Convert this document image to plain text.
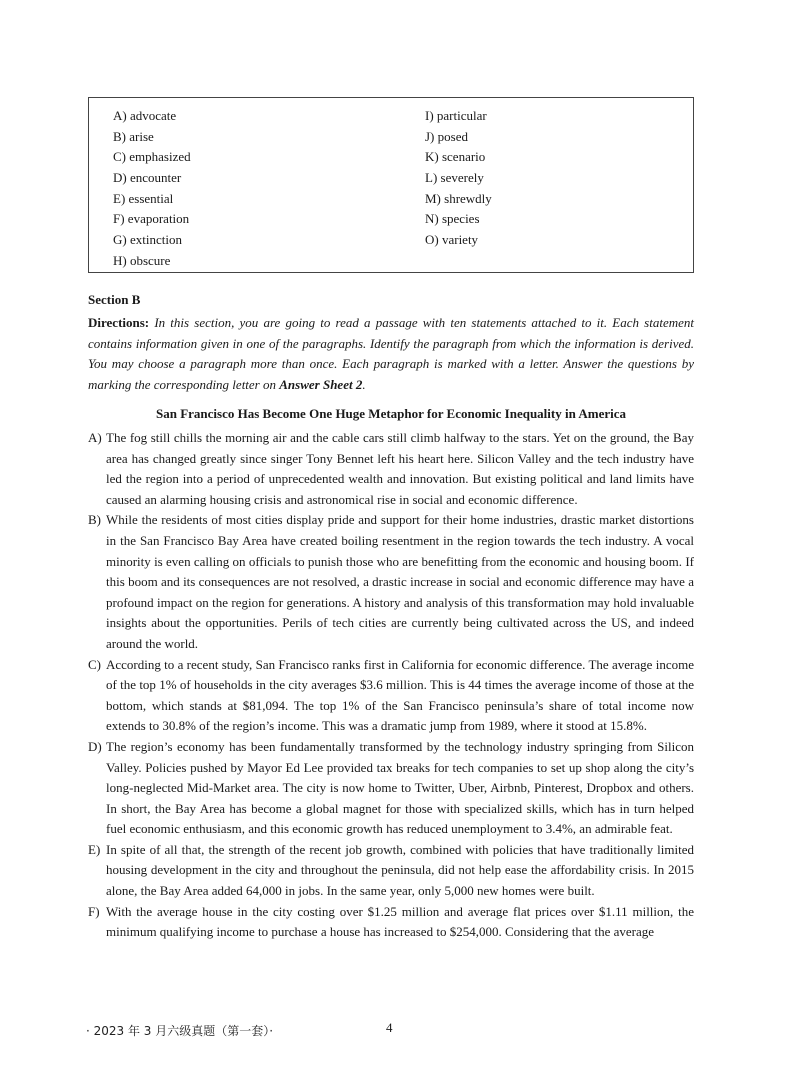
A) advocate
B) arise
C) emphasized
D) encounter
E) essential
F) evaporation
G) extinction
H) obscure
I) particular
J) posed
K) scenario
L) severely
M) shrewdly
N) species
O) variety
Section B
Directions: In this section, you are going to read a passage with ten statements attached to it. Each statement contains information given in one of the paragraphs. Identify the paragraph from which the information is derived. You may choose a paragraph more than once. Each paragraph is marked with a letter. Answer the questions by marking the corresponding letter on Answer Sheet 2.
San Francisco Has Become One Huge Metaphor for Economic Inequality in America
A) The fog still chills the morning air and the cable cars still climb halfway to the stars. Yet on the ground, the Bay area has changed greatly since singer Tony Bennet left his heart here. Silicon Valley and the tech industry have led the region into a period of unprecedented wealth and innovation. But existing political and land limits have caused an alarming housing crisis and astronomical rise in social and economic difference.
B) While the residents of most cities display pride and support for their home industries, drastic market distortions in the San Francisco Bay Area have created boiling resentment in the region towards the tech industry. A vocal minority is even calling on officials to punish those who are benefitting from the economic and housing boom. If this boom and its consequences are not resolved, a drastic increase in social and economic difference may have a profound impact on the region for generations. A history and analysis of this transformation may hold invaluable insights about the opportunities. Perils of tech cities are currently being cultivated across the US, and indeed around the world.
C) According to a recent study, San Francisco ranks first in California for economic difference. The average income of the top 1% of households in the city averages $3.6 million. This is 44 times the average income of those at the bottom, which stands at $81,094. The top 1% of the San Francisco peninsula’s share of total income now extends to 30.8% of the region’s income. This was a dramatic jump from 1989, where it stood at 15.8%.
D) The region’s economy has been fundamentally transformed by the technology industry springing from Silicon Valley. Policies pushed by Mayor Ed Lee provided tax breaks for tech companies to set up shop along the city’s long-neglected Mid-Market area. The city is now home to Twitter, Uber, Airbnb, Pinterest, Dropbox and others. In short, the Bay Area has become a global magnet for those with specialized skills, which has in turn helped fuel economic enthusiasm, and this economic growth has reduced unemployment to 3.4%, an admirable feat.
E) In spite of all that, the strength of the recent job growth, combined with policies that have traditionally limited housing development in the city and throughout the peninsula, did not help ease the affordability crisis. In 2015 alone, the Bay Area added 64,000 in jobs. In the same year, only 5,000 new homes were built.
F) With the average house in the city costing over $1.25 million and average flat prices over $1.11 million, the minimum qualifying income to purchase a house has increased to $254,000. Considering that the average
· 2023 年 3 月六级真题（第一套）·	4
